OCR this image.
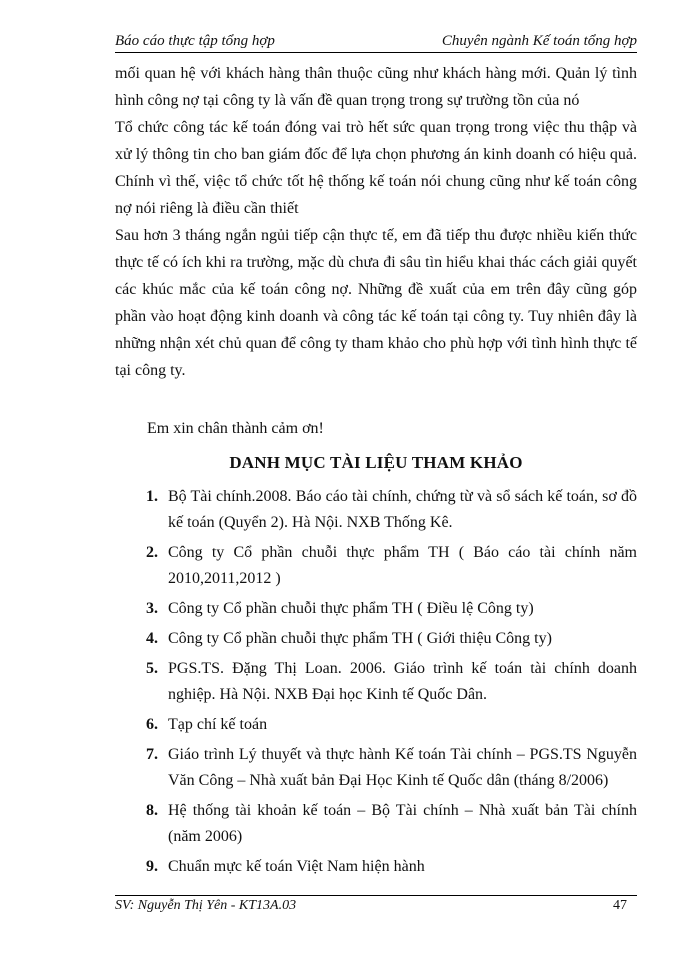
Báo cáo thực tập tổng hợp	Chuyên ngành Kế toán tổng hợp

mối quan hệ với khách hàng thân thuộc cũng như khách hàng mới. Quản lý tình hình công nợ tại công ty là vấn đề quan trọng trong sự trường tồn của nó

Tổ chức công tác kế toán đóng vai trò hết sức quan trọng trong việc thu thập và xử lý thông tin cho ban giám đốc để lựa chọn phương án kinh doanh có hiệu quả. Chính vì thế, việc tổ chức tốt hệ thống kế toán nói chung cũng như kế toán công nợ nói riêng là điều cần thiết

Sau hơn 3 tháng ngắn ngủi tiếp cận thực tế, em đã tiếp thu được nhiều kiến thức thực tế có ích khi ra trường, mặc dù chưa đi sâu tìn hiểu khai thác cách giải quyết các khúc mắc của kế toán công nợ. Những đề xuất của em trên đây cũng góp phần vào hoạt động kinh doanh và công tác kế toán tại công ty. Tuy nhiên đây là những nhận xét chủ quan để công ty tham khảo cho phù hợp với tình hình thực tế tại công ty.

Em xin chân thành cảm ơn!
DANH MỤC TÀI LIỆU THAM KHẢO
1. Bộ Tài chính.2008. Báo cáo tài chính, chứng từ và sổ sách kế toán, sơ đồ kế toán (Quyển 2). Hà Nội. NXB Thống Kê.
2. Công ty Cổ phần chuỗi thực phẩm TH ( Báo cáo tài chính năm 2010,2011,2012 )
3. Công ty Cổ phần chuỗi thực phẩm TH ( Điều lệ Công ty)
4. Công ty Cổ phần chuỗi thực phẩm TH ( Giới thiệu Công ty)
5. PGS.TS. Đặng Thị Loan. 2006. Giáo trình kế toán tài chính doanh nghiệp. Hà Nội. NXB Đại học Kinh tế Quốc Dân.
6. Tạp chí kế toán
7. Giáo trình Lý thuyết và thực hành Kế toán Tài chính – PGS.TS Nguyễn Văn Công – Nhà xuất bản Đại Học Kinh tế Quốc dân (tháng 8/2006)
8. Hệ thống tài khoản kế toán – Bộ Tài chính – Nhà xuất bản Tài chính (năm 2006)
9. Chuẩn mực kế toán Việt Nam hiện hành
SV: Nguyễn Thị Yên - KT13A.03	47
